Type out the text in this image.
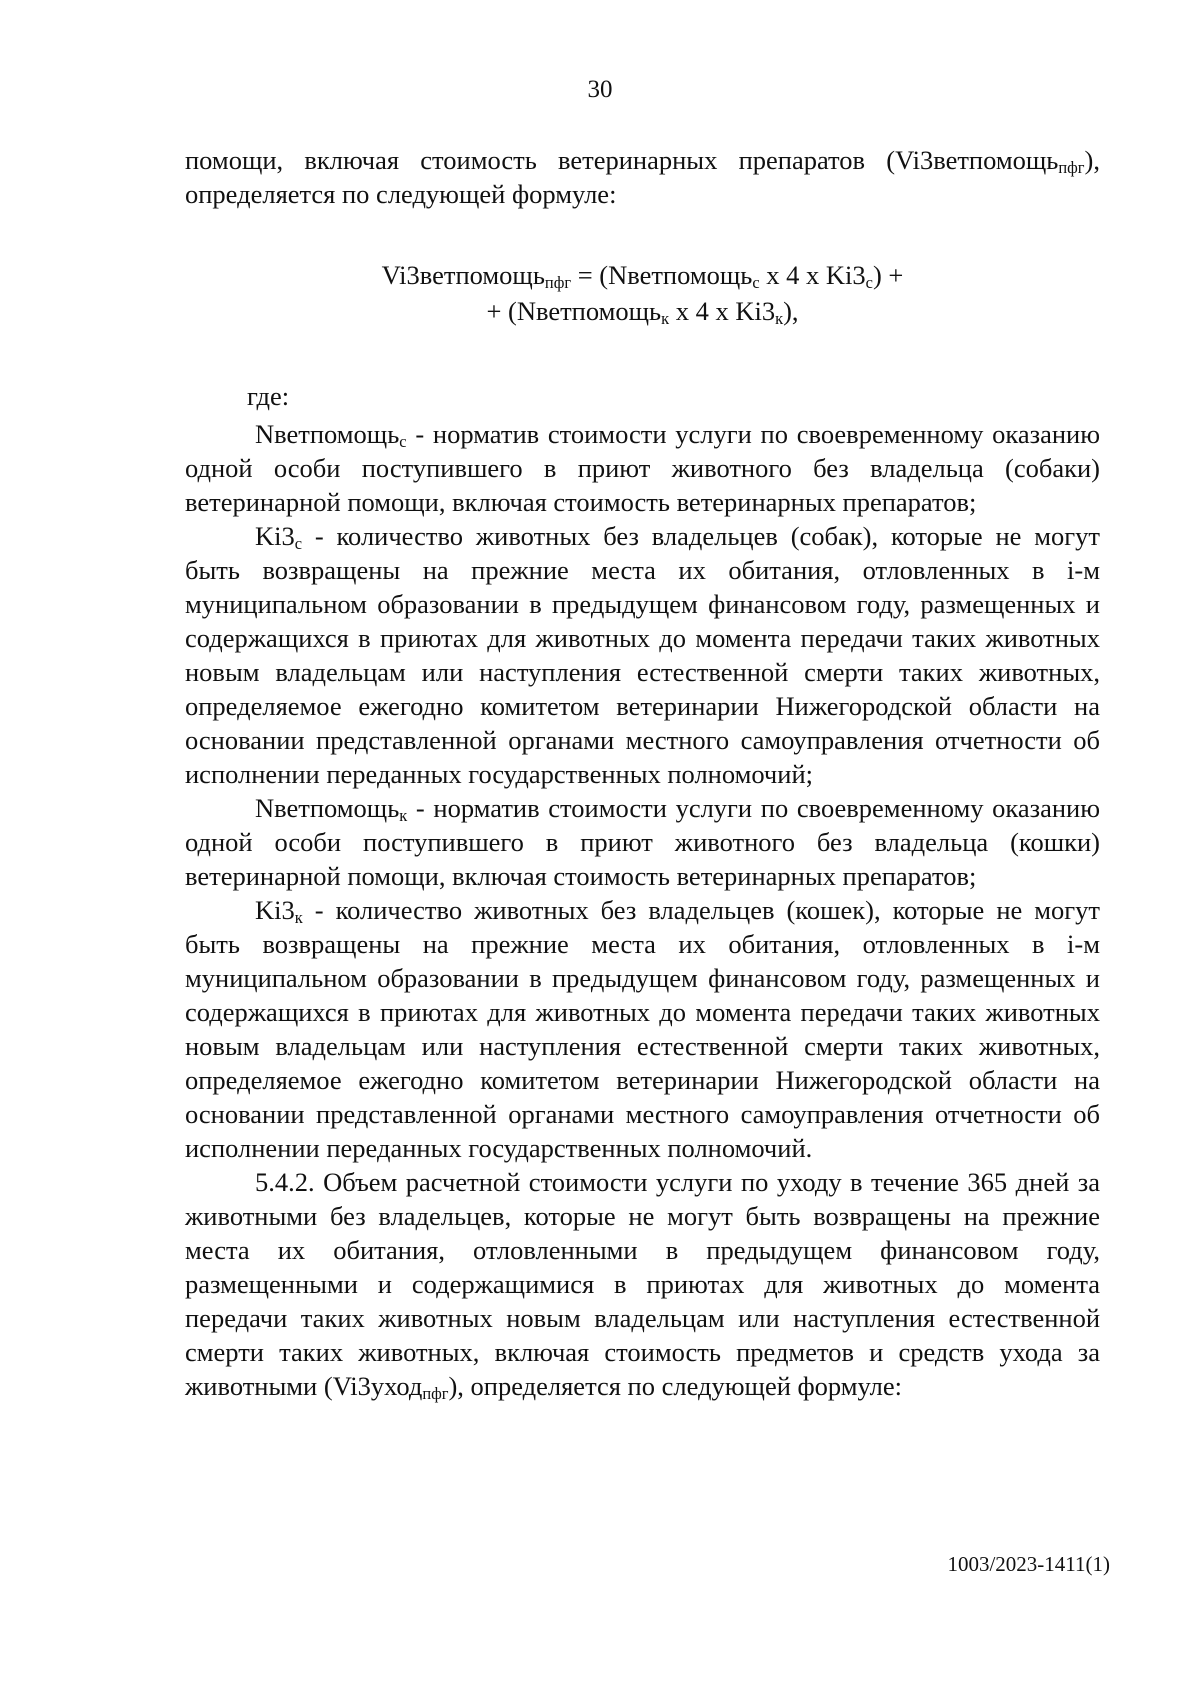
30

помощи, включая стоимость ветеринарных препаратов (Vi3ветпомощь$_{пфг}$), определяется по следующей формуле:

Vi3ветпомощь$_{пфг}$ = (Nветпомощь$_с$ x 4 x $Ki3_с$) +
+ (Nветпомощь$_к$ x 4 x $Ki3_к$),

где:

Nветпомощь$_с$ - норматив стоимости услуги по своевременному оказанию одной особи поступившего в приют животного без владельца (собаки) ветеринарной помощи, включая стоимость ветеринарных препаратов;

$Ki3_с$ - количество животных без владельцев (собак), которые не могут быть возвращены на прежние места их обитания, отловленных в i-м муниципальном образовании в предыдущем финансовом году, размещенных и содержащихся в приютах для животных до момента передачи таких животных новым владельцам или наступления естественной смерти таких животных, определяемое ежегодно комитетом ветеринарии Нижегородской области на основании представленной органами местного самоуправления отчетности об исполнении переданных государственных полномочий;

Nветпомощь$_к$ - норматив стоимости услуги по своевременному оказанию одной особи поступившего в приют животного без владельца (кошки) ветеринарной помощи, включая стоимость ветеринарных препаратов;

$Ki3_к$ - количество животных без владельцев (кошек), которые не могут быть возвращены на прежние места их обитания, отловленных в i-м муниципальном образовании в предыдущем финансовом году, размещенных и содержащихся в приютах для животных до момента передачи таких животных новым владельцам или наступления естественной смерти таких животных, определяемое ежегодно комитетом ветеринарии Нижегородской области на основании представленной органами местного самоуправления отчетности об исполнении переданных государственных полномочий.

5.4.2. Объем расчетной стоимости услуги по уходу в течение 365 дней за животными без владельцев, которые не могут быть возвращены на прежние места их обитания, отловленными в предыдущем финансовом году, размещенными и содержащимися в приютах для животных до момента передачи таких животных новым владельцам или наступления естественной смерти таких животных, включая стоимость предметов и средств ухода за животными (Vi3уход$_{пфг}$), определяется по следующей формуле:

1003/2023-1411(1)
